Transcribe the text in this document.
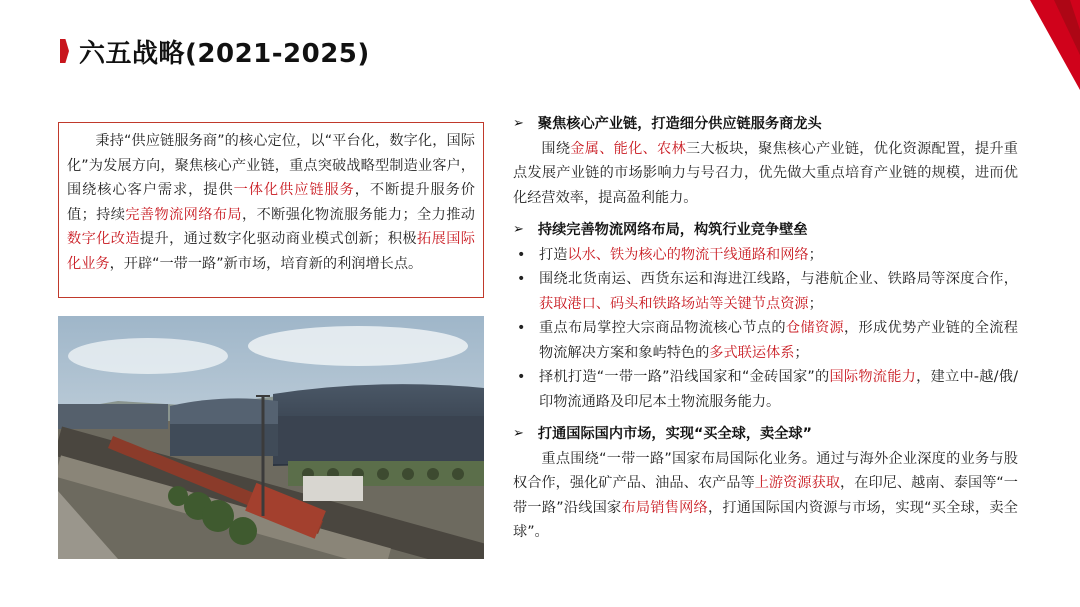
六五战略(2021-2025)

秉持“供应链服务商”的核心定位，以“平台化，数字化，国际化”为发展方向，聚焦核心产业链，重点突破战略型制造业客户，围绕核心客户需求，提供一体化供应链服务，不断提升服务价值；持续完善物流网络布局，不断强化物流服务能力；全力推动数字化改造提升，通过数字化驱动商业模式创新；积极拓展国际化业务，开辟“一带一路”新市场，培育新的利润增长点。

➢ 聚焦核心产业链，打造细分供应链服务商龙头
围绕金属、能化、农林三大板块，聚焦核心产业链，优化资源配置，提升重点发展产业链的市场影响力与号召力，优先做大重点培育产业链的规模，进而优化经营效率，提高盈利能力。
➢ 持续完善物流网络布局，构筑行业竞争壁垒
• 打造以水、铁为核心的物流干线通路和网络；
• 围绕北货南运、西货东运和海进江线路，与港航企业、铁路局等深度合作，获取港口、码头和铁路场站等关键节点资源；
• 重点布局掌控大宗商品物流核心节点的仓储资源，形成优势产业链的全流程物流解决方案和象屿特色的多式联运体系；
• 择机打造“一带一路”沿线国家和“金砖国家”的国际物流能力，建立中-越/俄/印物流通路及印尼本土物流服务能力。
➢ 打通国际国内市场，实现“买全球，卖全球”
重点围绕“一带一路”国家布局国际化业务。通过与海外企业深度的业务与股权合作，强化矿产品、油品、农产品等上游资源获取，在印尼、越南、泰国等“一带一路”沿线国家布局销售网络，打通国际国内资源与市场，实现“买全球，卖全球”。
